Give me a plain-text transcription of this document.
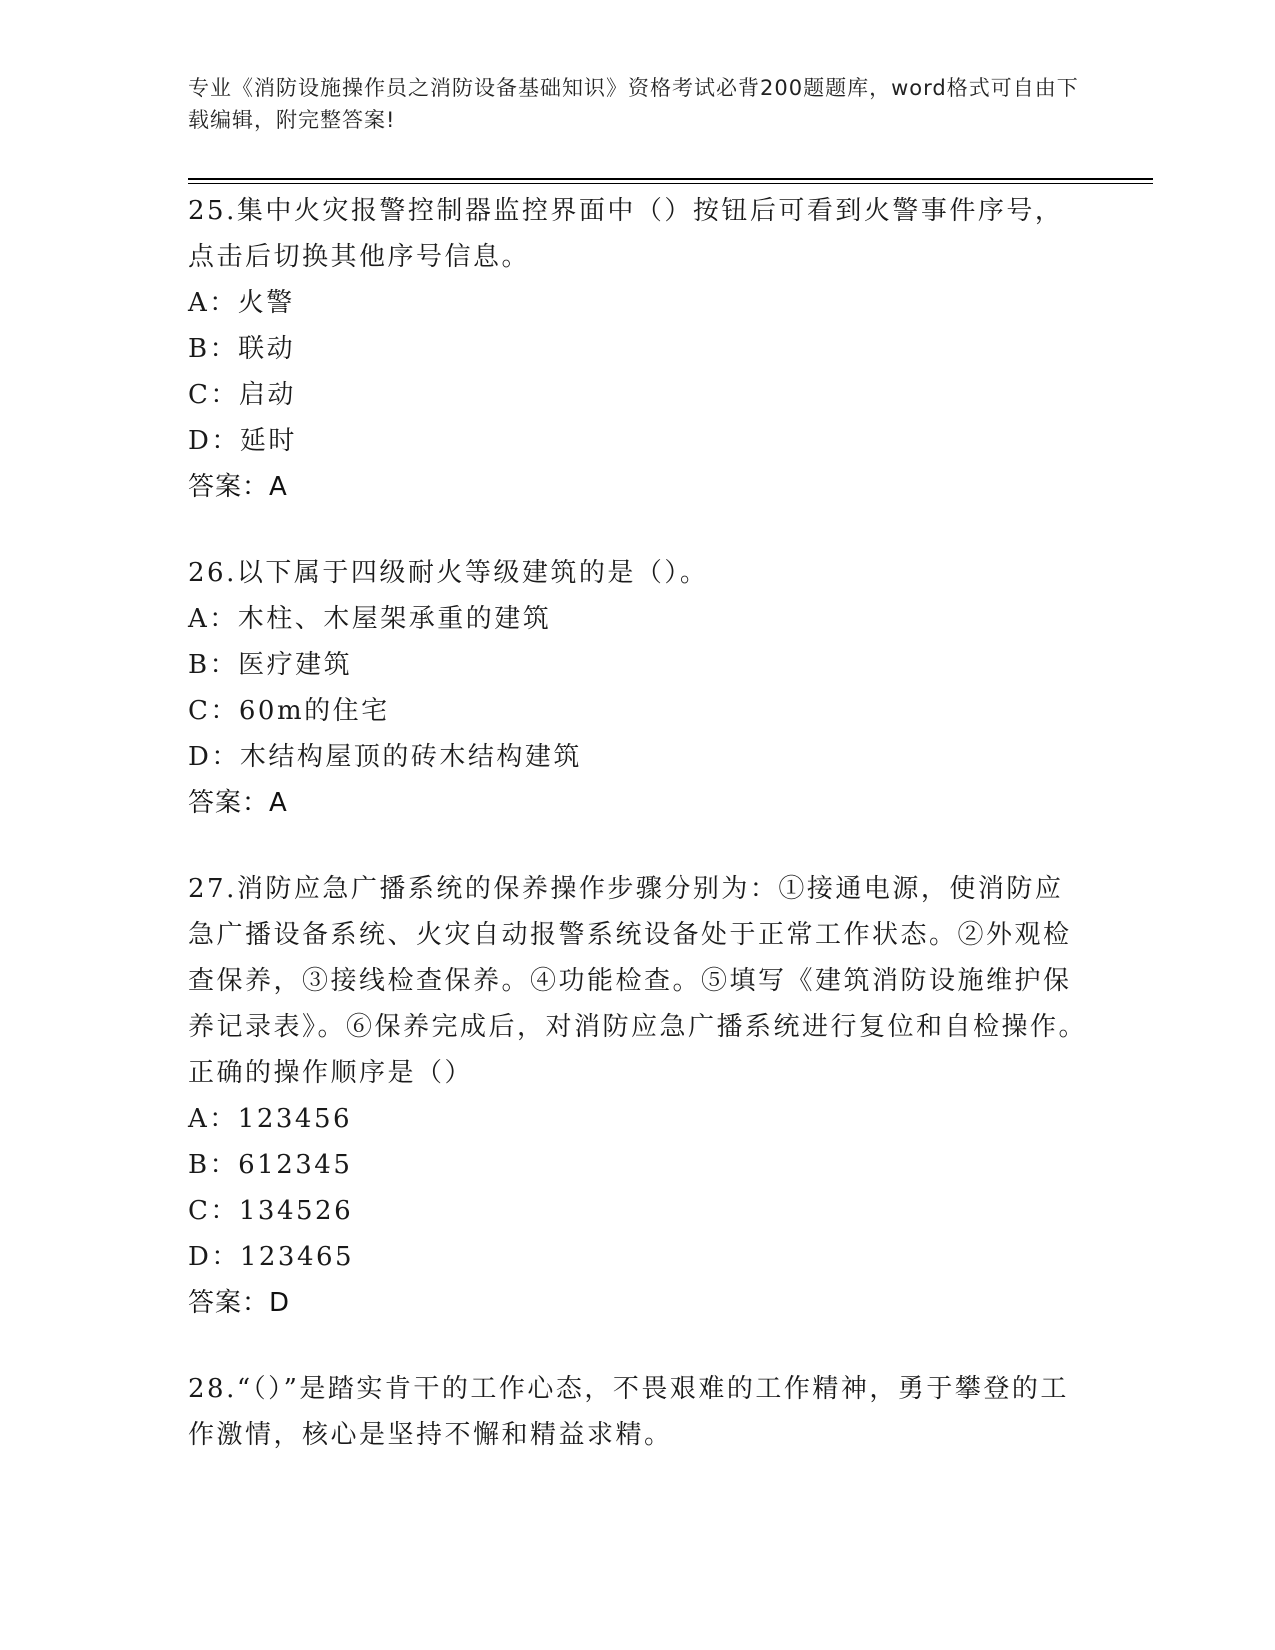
专业《消防设施操作员之消防设备基础知识》资格考试必背200题题库，word格式可自由下载编辑，附完整答案!
25.集中火灾报警控制器监控界面中（）按钮后可看到火警事件序号，点击后切换其他序号信息。
A：火警
B：联动
C：启动
D：延时
答案：A
26.以下属于四级耐火等级建筑的是（）。
A：木柱、木屋架承重的建筑
B：医疗建筑
C：60m的住宅
D：木结构屋顶的砖木结构建筑
答案：A
27.消防应急广播系统的保养操作步骤分别为：①接通电源，使消防应急广播设备系统、火灾自动报警系统设备处于正常工作状态。②外观检查保养，③接线检查保养。④功能检查。⑤填写《建筑消防设施维护保养记录表》。⑥保养完成后，对消防应急广播系统进行复位和自检操作。正确的操作顺序是（）
A：123456
B：612345
C：134526
D：123465
答案：D
28.“（）”是踏实肯干的工作心态，不畏艰难的工作精神，勇于攀登的工作激情，核心是坚持不懈和精益求精。
